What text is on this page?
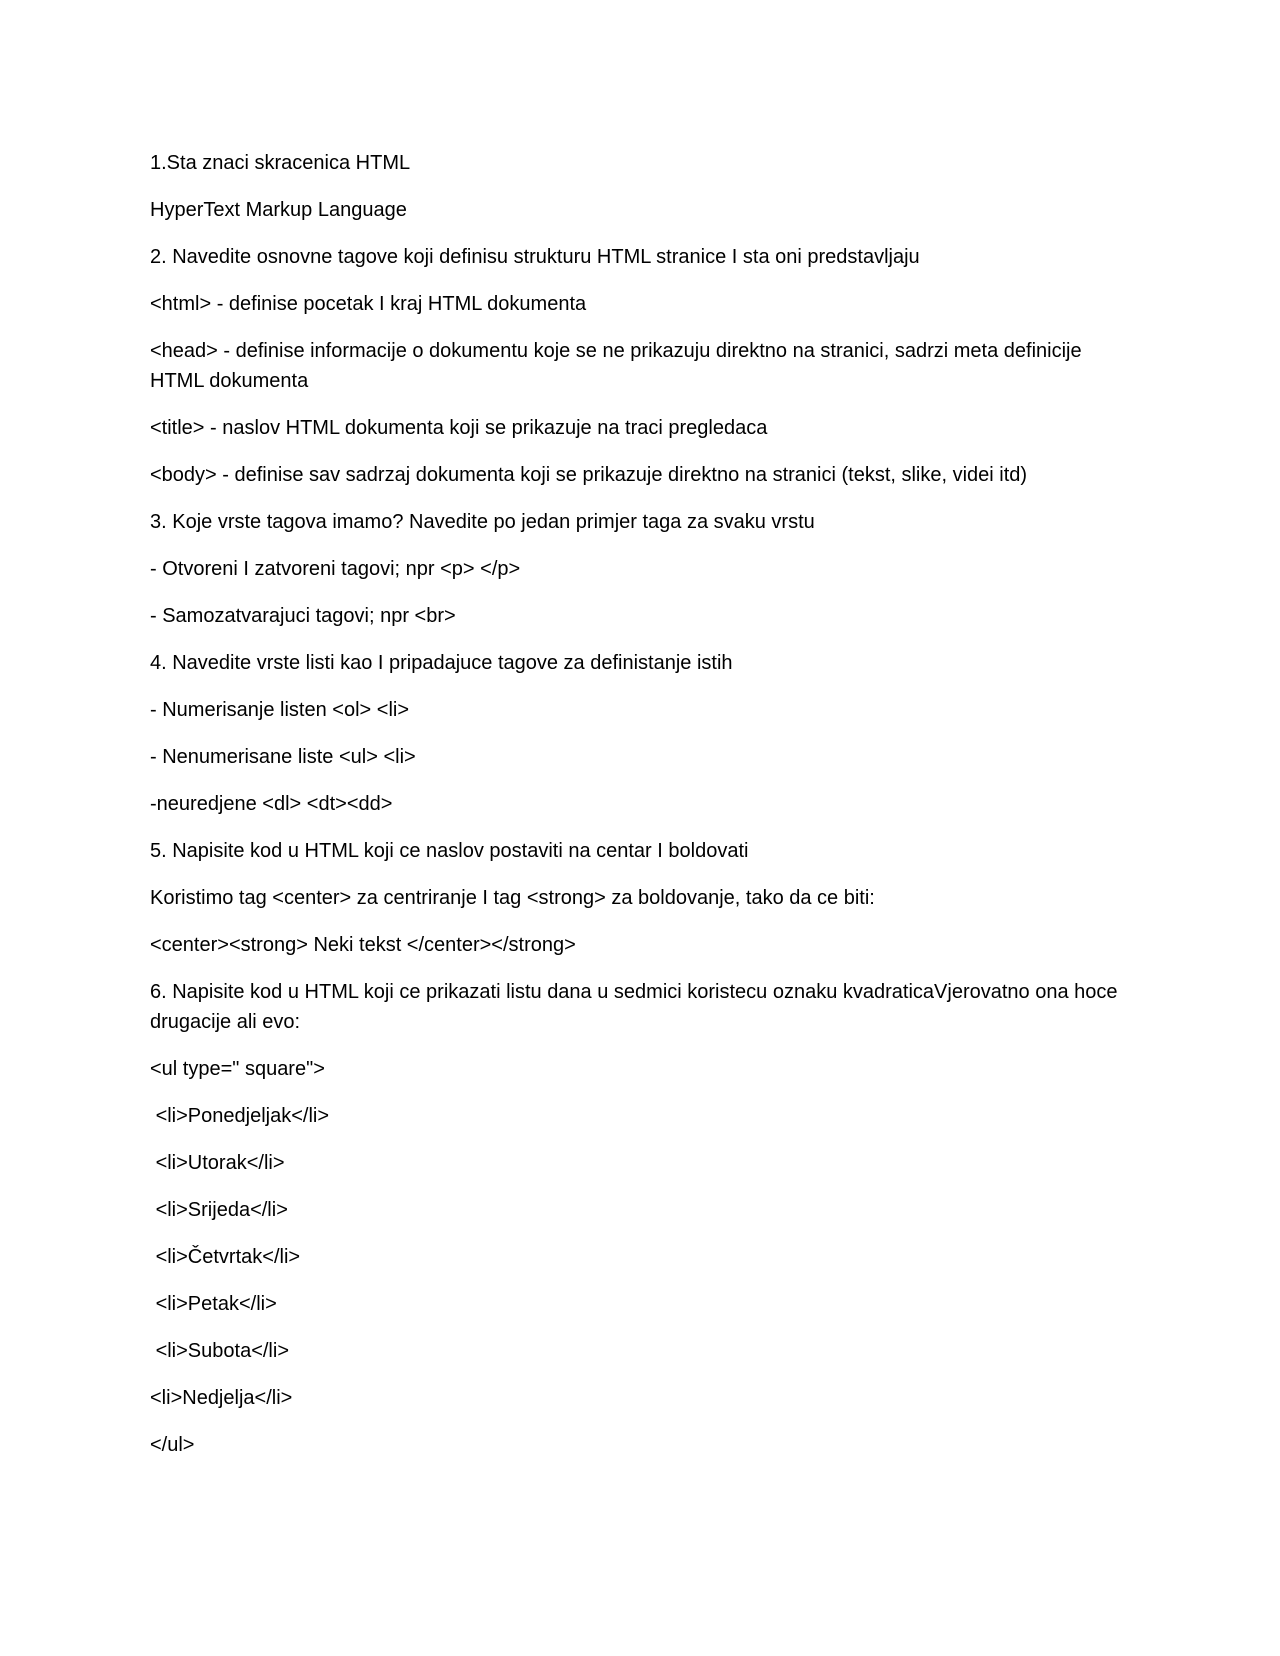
1.Sta znaci skracenica HTML

HyperText Markup Language

2. Navedite osnovne tagove koji definisu strukturu HTML stranice I sta oni predstavljaju

<html> - definise pocetak I kraj HTML dokumenta

<head> - definise informacije o dokumentu koje se ne prikazuju direktno na stranici, sadrzi meta definicije HTML dokumenta

<title> - naslov HTML dokumenta koji se prikazuje na traci pregledaca

<body> - definise sav sadrzaj dokumenta koji se prikazuje direktno na stranici (tekst, slike, videi itd)

3. Koje vrste tagova imamo? Navedite po jedan primjer taga za svaku vrstu

- Otvoreni I zatvoreni tagovi; npr <p> </p>

- Samozatvarajuci tagovi; npr <br>

4. Navedite vrste listi kao I pripadajuce tagove za definistanje istih

- Numerisanje listen <ol> <li>

- Nenumerisane liste <ul> <li>

-neuredjene <dl> <dt><dd>

5. Napisite kod u HTML koji ce naslov postaviti na centar I boldovati

Koristimo tag <center> za centriranje I tag <strong> za boldovanje, tako da ce biti:

<center><strong> Neki tekst </center></strong>

6. Napisite kod u HTML koji ce prikazati listu dana u sedmici koristecu oznaku kvadraticaVjerovatno ona hoce drugacije ali evo:

<ul type=" square">

<li>Ponedjeljak</li>

<li>Utorak</li>

<li>Srijeda</li>

<li>Četvrtak</li>

<li>Petak</li>

<li>Subota</li>

<li>Nedjelja</li>

</ul>
